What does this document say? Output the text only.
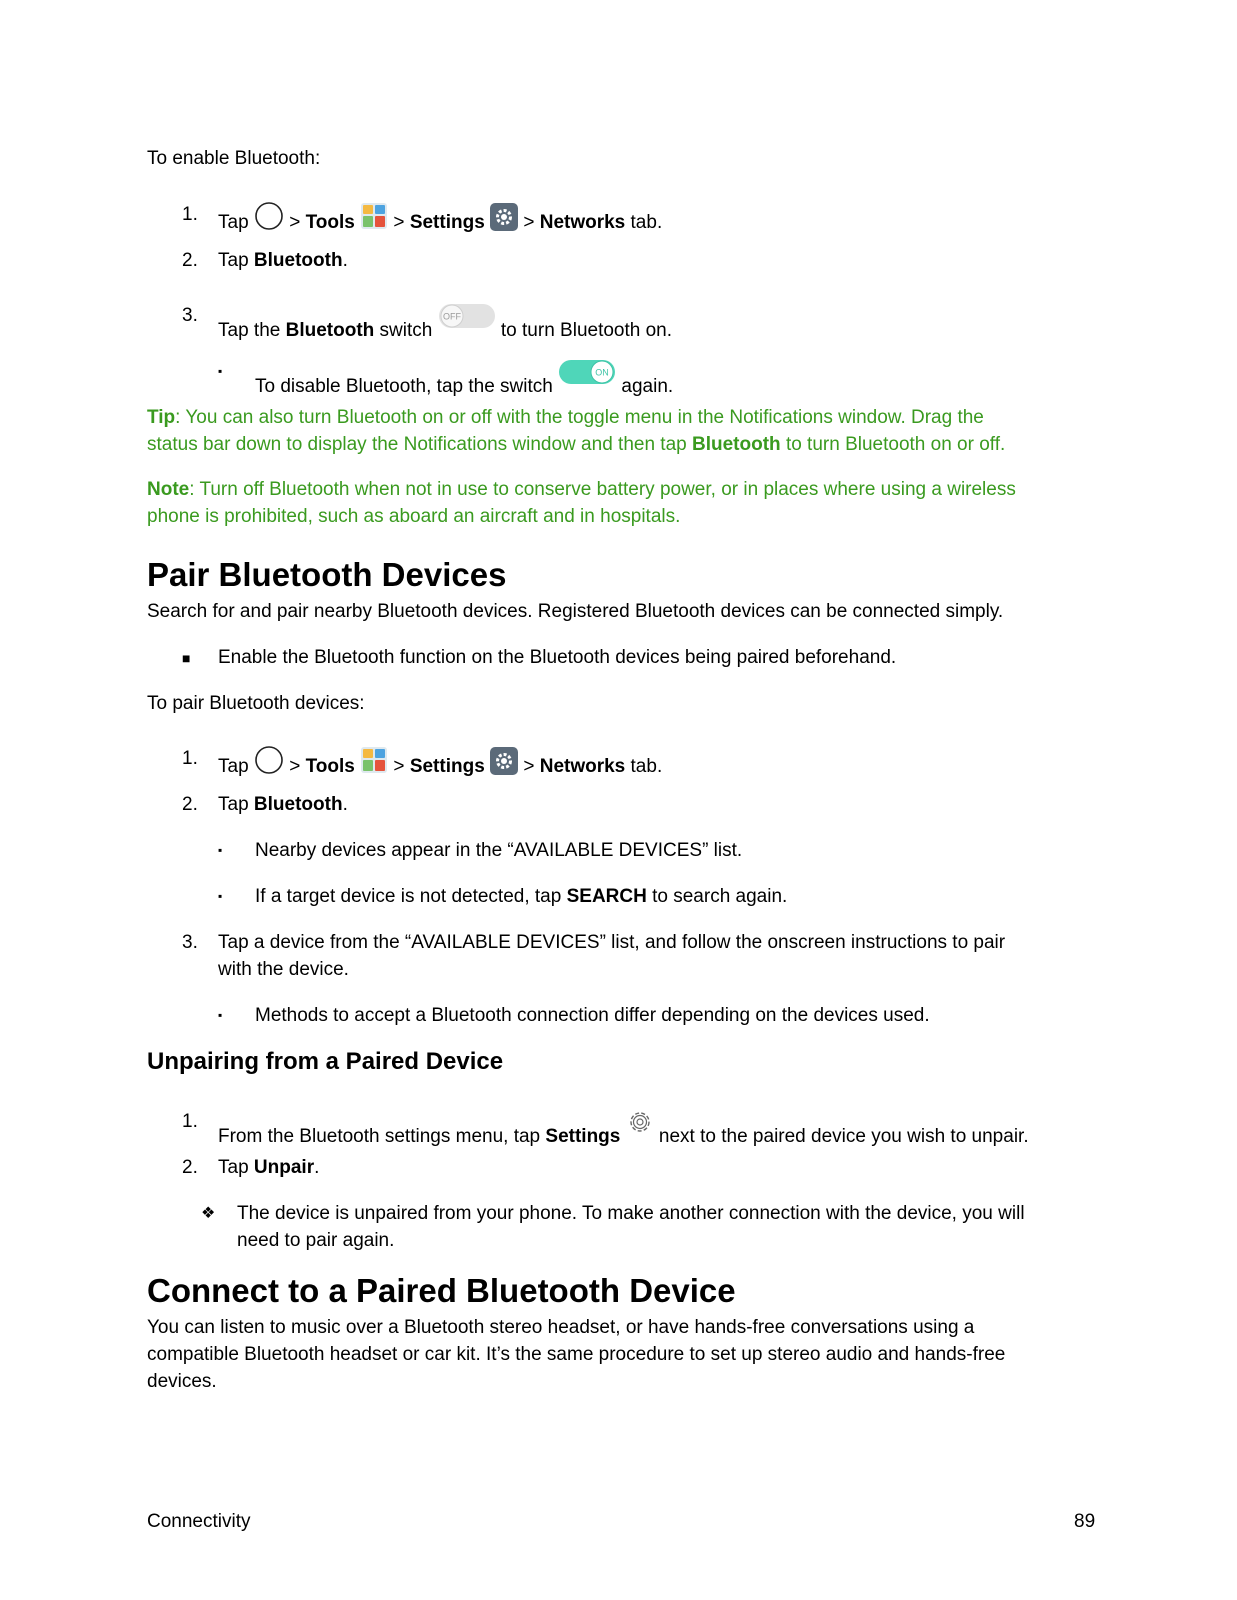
To enable Bluetooth:
1. Tap > Tools > Settings > Networks tab.
2. Tap Bluetooth.
3.
Tap the Bluetooth switch
OFF
to turn Bluetooth on.
▪
To disable Bluetooth, tap the switch
ON
again.
Tip: You can also turn Bluetooth on or off with the toggle menu in the Notifications window. Drag the
status bar down to display the Notifications window and then tap Bluetooth to turn Bluetooth on or off.
Note: Turn off Bluetooth when not in use to conserve battery power, or in places where using a wireless
phone is prohibited, such as aboard an aircraft and in hospitals.
Pair Bluetooth Devices
Search for and pair nearby Bluetooth devices. Registered Bluetooth devices can be connected simply.
■ Enable the Bluetooth function on the Bluetooth devices being paired beforehand.
To pair Bluetooth devices:
1. Tap > Tools > Settings > Networks tab.
2. Tap Bluetooth.
▪ Nearby devices appear in the “AVAILABLE DEVICES” list.
▪ If a target device is not detected, tap SEARCH to search again.
3. Tap a device from the “AVAILABLE DEVICES” list, and follow the onscreen instructions to pair
with the device.
▪ Methods to accept a Bluetooth connection differ depending on the devices used.
Unpairing from a Paired Device
1.
From the Bluetooth settings menu, tap Settings next to the paired device you wish to unpair.
2. Tap Unpair.
❖ The device is unpaired from your phone. To make another connection with the device, you will
need to pair again.
Connect to a Paired Bluetooth Device
You can listen to music over a Bluetooth stereo headset, or have hands-free conversations using a
compatible Bluetooth headset or car kit. It’s the same procedure to set up stereo audio and hands-free
devices.
Connectivity	89
